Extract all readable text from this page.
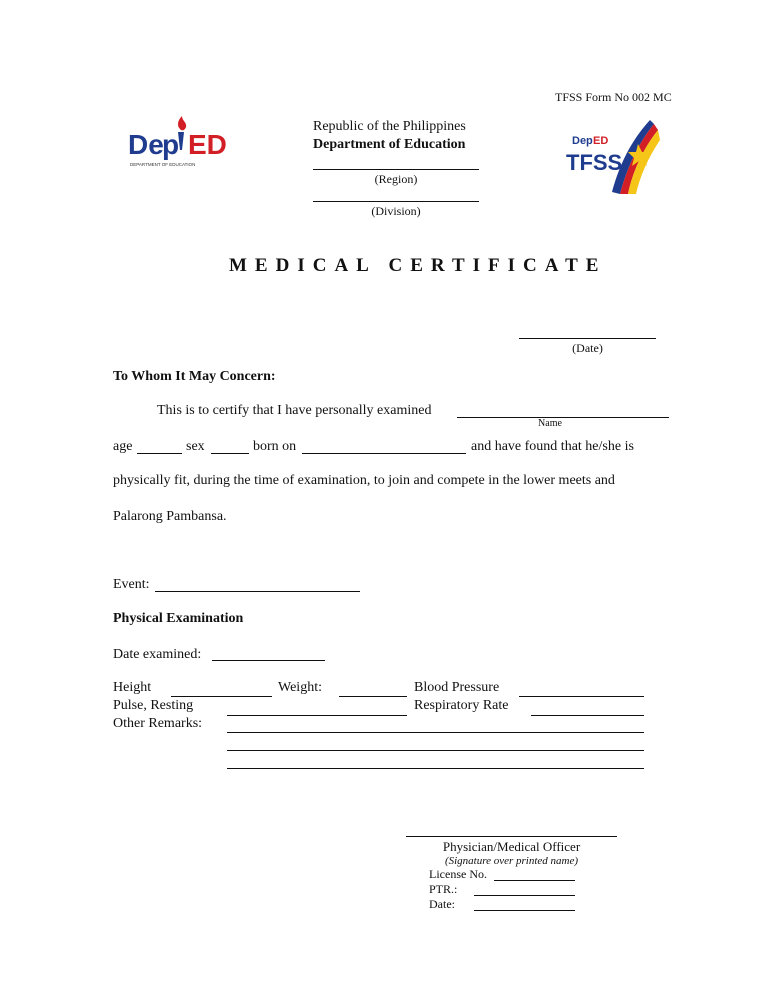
TFSS Form No 002 MC
De
p ED
DEPARTMENT OF EDUCATION
Republic of the Philippines
Department of Education
(Region)
(Division)
Dep ED
TFSS
MEDICAL CERTIFICATE
(Date)
To Whom It May Concern:
This is to certify that I have personally examined
Name
age	sex	born on	and have found that he/she is
physically fit, during the time of examination, to join and compete in the lower meets and
Palarong Pambansa.
Event:
Physical Examination
Date examined:
Height	Weight:	Blood Pressure
Pulse, Resting	Respiratory Rate
Other Remarks:
Physician/Medical Officer
(Signature over printed name)
License No.
PTR.:
Date:
